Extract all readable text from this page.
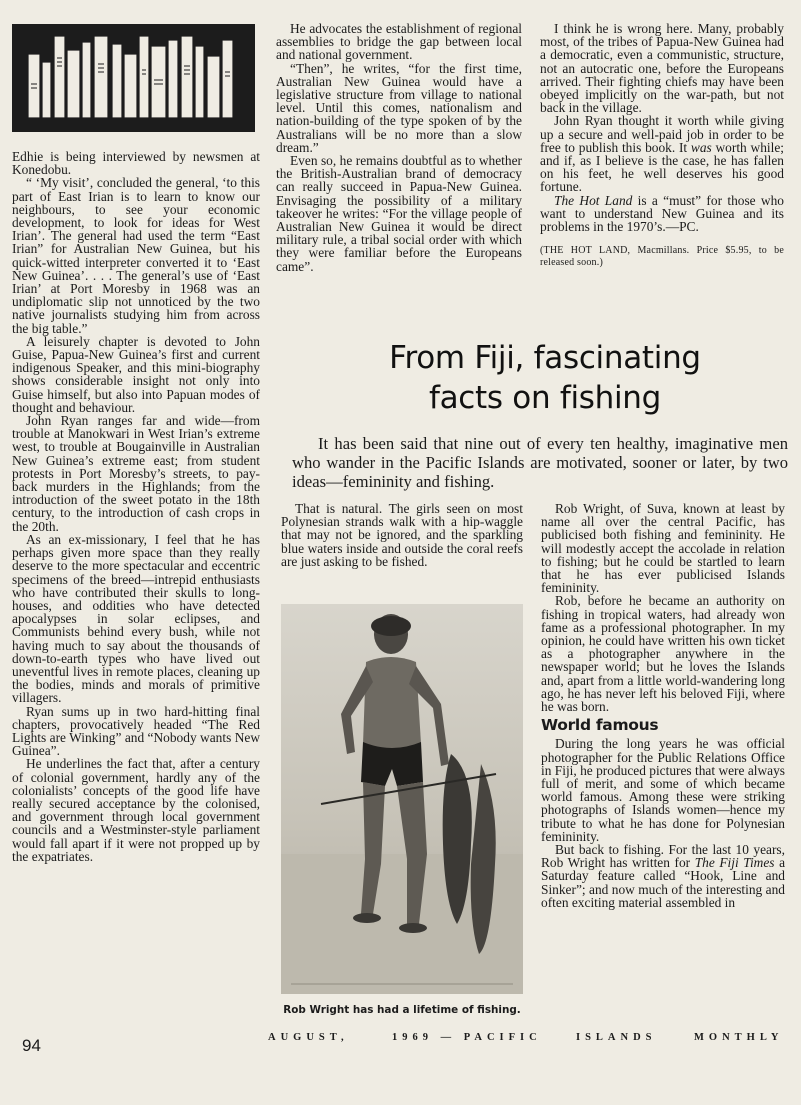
Edhie is being interviewed by newsmen at Konedobu.

“ ‘My visit’, concluded the general, ‘to this part of East Irian is to learn to know our neighbours, to see your economic development, to look for ideas for West Irian’. The general had used the term “East Irian” for Australian New Guinea, but his quick-witted interpreter converted it to ‘East New Guinea’. . . . The general’s use of ‘East Irian’ at Port Moresby in 1968 was an undiplomatic slip not unnoticed by the two native journalists studying him from across the big table.”

A leisurely chapter is devoted to John Guise, Papua-New Guinea’s first and current indigenous Speaker, and this mini-biography shows considerable insight not only into Guise himself, but also into Papuan modes of thought and behaviour.

John Ryan ranges far and wide—from trouble at Manokwari in West Irian’s extreme west, to trouble at Bougainville in Australian New Guinea’s extreme east; from student protests in Port Moresby’s streets, to pay-back murders in the Highlands; from the introduction of the sweet potato in the 18th century, to the introduction of cash crops in the 20th.

As an ex-missionary, I feel that he has perhaps given more space than they really deserve to the more spectacular and eccentric specimens of the breed—intrepid enthusiasts who have contributed their skulls to long-houses, and oddities who have detected apocalypses in solar eclipses, and Communists behind every bush, while not having much to say about the thousands of down-to-earth types who have lived out uneventful lives in remote places, cleaning up the bodies, minds and morals of primitive villagers.

Ryan sums up in two hard-hitting final chapters, provocatively headed “The Red Lights are Winking” and “Nobody wants New Guinea”.

He underlines the fact that, after a century of colonial government, hardly any of the colonialists’ concepts of the good life have really secured acceptance by the colonised, and government through local government councils and a Westminster-style parliament would fall apart if it were not propped up by the expatriates.

He advocates the establishment of regional assemblies to bridge the gap between local and national government.

“Then”, he writes, “for the first time, Australian New Guinea would have a legislative structure from village to national level. Until this comes, nationalism and nation-building of the type spoken of by the Australians will be no more than a slow dream.”

Even so, he remains doubtful as to whether the British-Australian brand of democracy can really succeed in Papua-New Guinea. Envisaging the possibility of a military takeover he writes: “For the village people of Australian New Guinea it would be direct military rule, a tribal social order with which they were familiar before the Europeans came”.

I think he is wrong here. Many, probably most, of the tribes of Papua-New Guinea had a democratic, even a communistic, structure, not an autocratic one, before the Europeans arrived. Their fighting chiefs may have been obeyed implicitly on the war-path, but not back in the village.

John Ryan thought it worth while giving up a secure and well-paid job in order to be free to publish this book. It was worth while; and if, as I believe is the case, he has fallen on his feet, he well deserves his good fortune.

The Hot Land is a “must” for those who want to understand New Guinea and its problems in the 1970’s.—PC.

(THE HOT LAND, Macmillans. Price $5.95, to be released soon.)

From Fiji, fascinating
facts on fishing
It has been said that nine out of every ten healthy, imaginative men who wander in the Pacific Islands are motivated, sooner or later, by two ideas—femininity and fishing.

That is natural. The girls seen on most Polynesian strands walk with a hip-waggle that may not be ignored, and the sparkling blue waters inside and outside the coral reefs are just asking to be fished.

Rob Wright has had a lifetime of fishing.

Rob Wright, of Suva, known at least by name all over the central Pacific, has publicised both fishing and femininity. He will modestly accept the accolade in relation to fishing; but he could be startled to learn that he has ever publicised Islands femininity.

Rob, before he became an authority on fishing in tropical waters, had already won fame as a professional photographer. In my opinion, he could have written his own ticket as a photographer anywhere in the newspaper world; but he loves the Islands and, apart from a little world-wandering long ago, he has never left his beloved Fiji, where he was born.

World famous

During the long years he was official photographer for the Public Relations Office in Fiji, he produced pictures that were always full of merit, and some of which became world famous. Among these were striking photographs of Islands women—hence my tribute to what he has done for Polynesian femininity.

But back to fishing. For the last 10 years, Rob Wright has written for The Fiji Times a Saturday feature called “Hook, Line and Sinker”; and now much of the interesting and often exciting material assembled in

94	AUGUST,	1969 — PACIFIC	ISLANDS	MONTHLY
